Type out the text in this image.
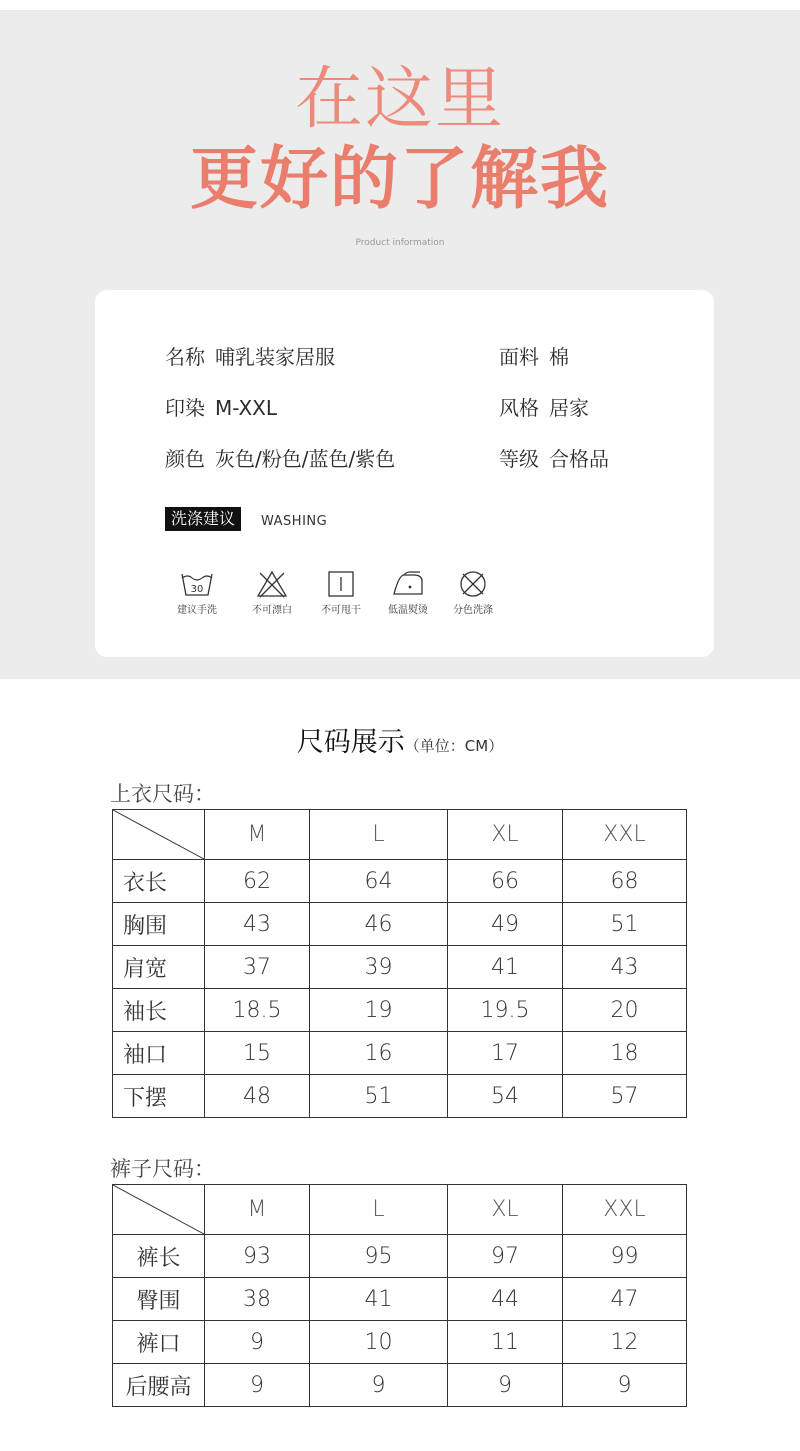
在这里
更好的了解我
Product information
名称 哺乳装家居服
印染 M-XXL
颜色 灰色/粉色/蓝色/紫色
面料 棉
风格 居家
等级 合格品
洗涤建议	WASHING
30
建议手洗	不可漂白	不可甩干	低温熨烫	分色洗涤
尺码展示（单位：CM）
上衣尺码：
	M	L	XL	XXL
衣长	62	64	66	68
胸围	43	46	49	51
肩宽	37	39	41	43
袖长	18.5	19	19.5	20
袖口	15	16	17	18
下摆	48	51	54	57
裤子尺码：
	M	L	XL	XXL
裤长	93	95	97	99
臀围	38	41	44	47
裤口	9	10	11	12
后腰高	9	9	9	9
